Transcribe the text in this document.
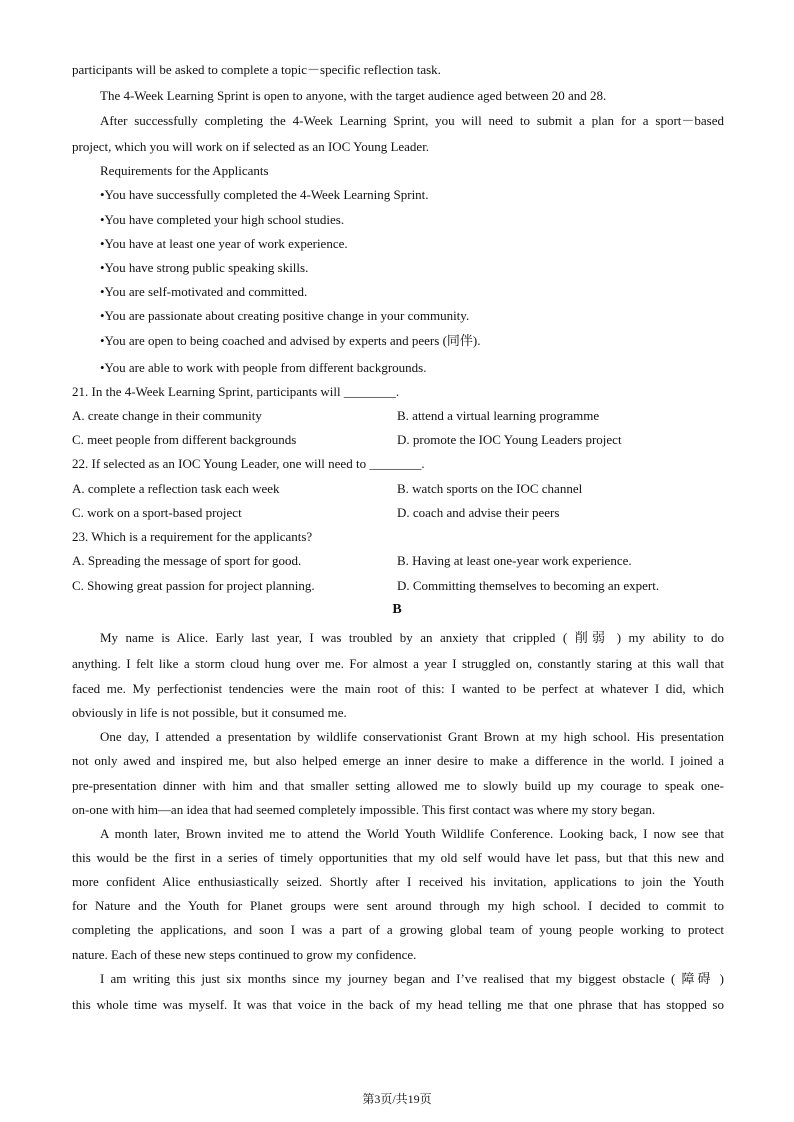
participants will be asked to complete a topic－specific reflection task.
The 4-Week Learning Sprint is open to anyone, with the target audience aged between 20 and 28.
After successfully completing the 4-Week Learning Sprint, you will need to submit a plan for a sport－based
project, which you will work on if selected as an IOC Young Leader.
Requirements for the Applicants
•You have successfully completed the 4-Week Learning Sprint.
•You have completed your high school studies.
•You have at least one year of work experience.
•You have strong public speaking skills.
•You are self-motivated and committed.
•You are passionate about creating positive change in your community.
•You are open to being coached and advised by experts and peers (同伴).
•You are able to work with people from different backgrounds.
21. In the 4-Week Learning Sprint, participants will ________.
A. create change in their community	B. attend a virtual learning programme
C. meet people from different backgrounds	D. promote the IOC Young Leaders project
22. If selected as an IOC Young Leader, one will need to ________.
A. complete a reflection task each week	B. watch sports on the IOC channel
C. work on a sport-based project	D. coach and advise their peers
23. Which is a requirement for the applicants?
A. Spreading the message of sport for good.	B. Having at least one-year work experience.
C. Showing great passion for project planning.	D. Committing themselves to becoming an expert.
B
My name is Alice. Early last year, I was troubled by an anxiety that crippled ( 削弱 ) my ability to do
anything. I felt like a storm cloud hung over me. For almost a year I struggled on, constantly staring at this wall that
faced me. My perfectionist tendencies were the main root of this: I wanted to be perfect at whatever I did, which
obviously in life is not possible, but it consumed me.
One day, I attended a presentation by wildlife conservationist Grant Brown at my high school. His presentation
not only awed and inspired me, but also helped emerge an inner desire to make a difference in the world. I joined a
pre-presentation dinner with him and that smaller setting allowed me to slowly build up my courage to speak one-
on-one with him—an idea that had seemed completely impossible. This first contact was where my story began.
A month later, Brown invited me to attend the World Youth Wildlife Conference. Looking back, I now see that
this would be the first in a series of timely opportunities that my old self would have let pass, but that this new and
more confident Alice enthusiastically seized. Shortly after I received his invitation, applications to join the Youth
for Nature and the Youth for Planet groups were sent around through my high school. I decided to commit to
completing the applications, and soon I was a part of a growing global team of young people working to protect
nature. Each of these new steps continued to grow my confidence.
I am writing this just six months since my journey began and I’ve realised that my biggest obstacle ( 障碍 )
this whole time was myself. It was that voice in the back of my head telling me that one phrase that has stopped so
第3页/共19页
